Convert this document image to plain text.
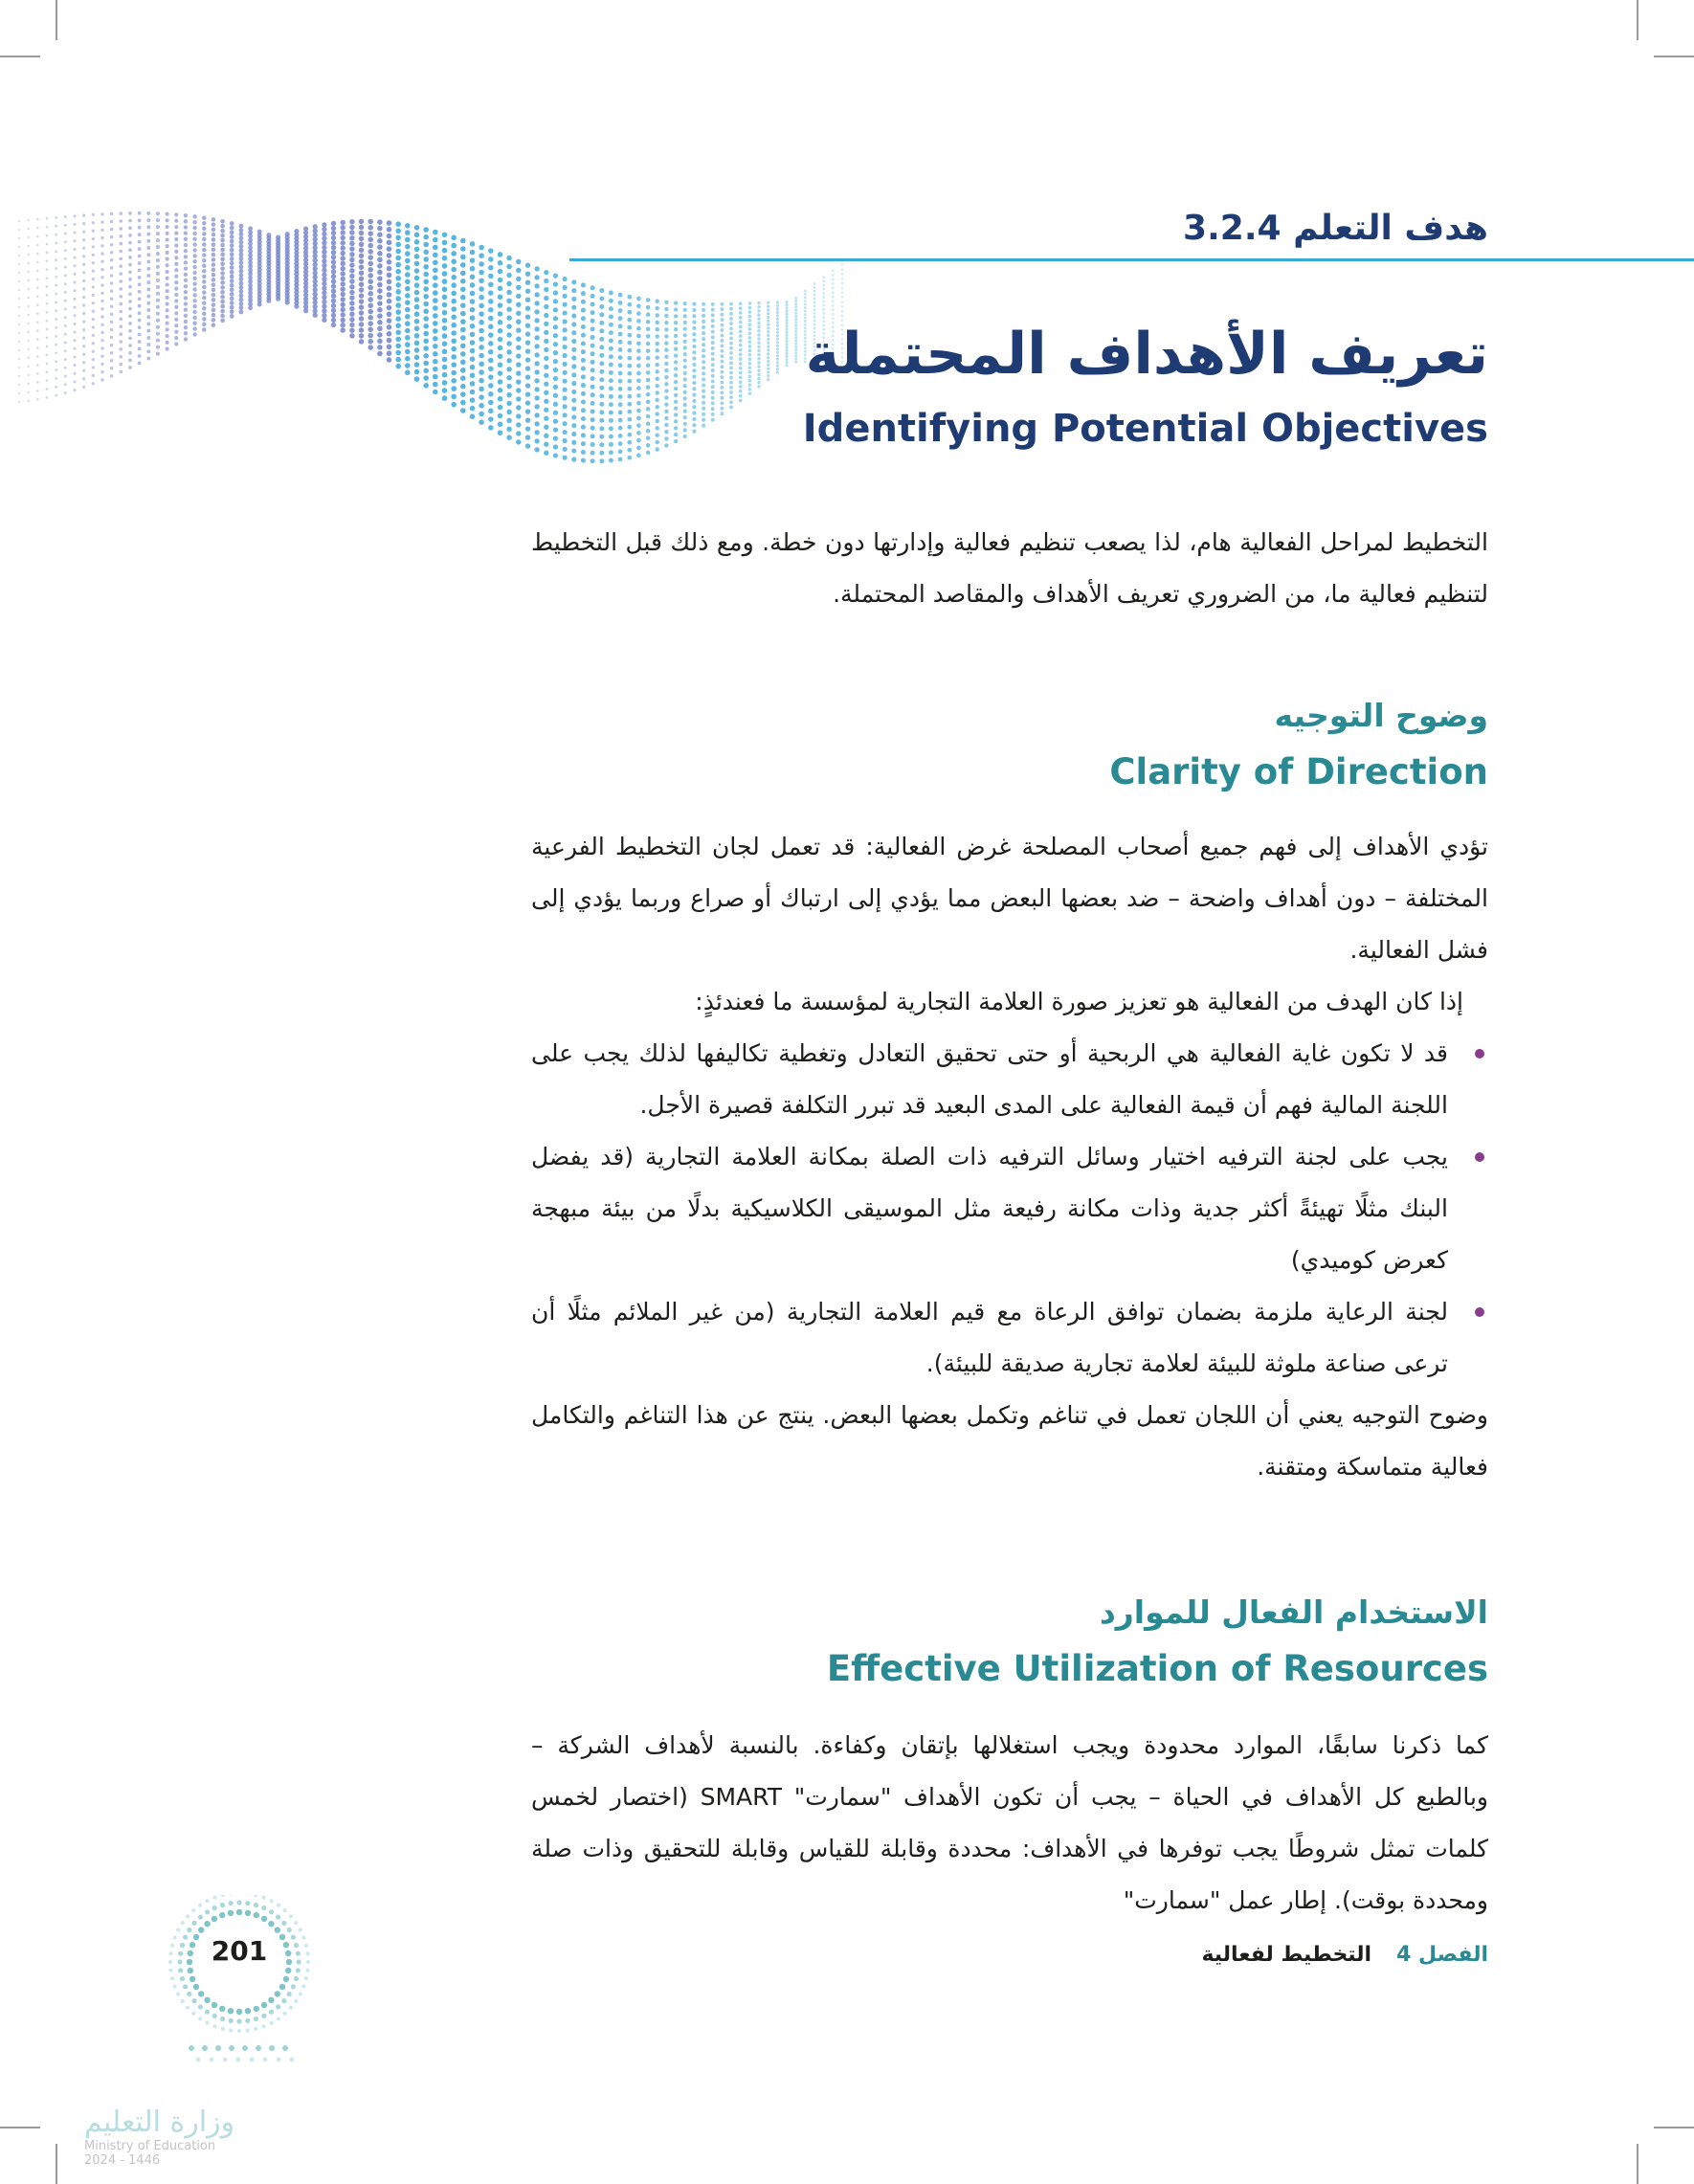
هدف التعلم 3.2.4
تعريف الأهداف المحتملة
Identifying Potential Objectives

التخطيط لمراحل الفعالية هام، لذا يصعب تنظيم فعالية وإدارتها دون خطة. ومع ذلك قبل التخطيط لتنظيم فعالية ما، من الضروري تعريف الأهداف والمقاصد المحتملة.

وضوح التوجيه
Clarity of Direction

تؤدي الأهداف إلى فهم جميع أصحاب المصلحة غرض الفعالية: قد تعمل لجان التخطيط الفرعية المختلفة – دون أهداف واضحة – ضد بعضها البعض مما يؤدي إلى ارتباك أو صراع وربما يؤدي إلى فشل الفعالية.

إذا كان الهدف من الفعالية هو تعزيز صورة العلامة التجارية لمؤسسة ما فعندئذٍ:

قد لا تكون غاية الفعالية هي الربحية أو حتى تحقيق التعادل وتغطية تكاليفها لذلك يجب على اللجنة المالية فهم أن قيمة الفعالية على المدى البعيد قد تبرر التكلفة قصيرة الأجل.
يجب على لجنة الترفيه اختيار وسائل الترفيه ذات الصلة بمكانة العلامة التجارية (قد يفضل البنك مثلًا تهيئةً أكثر جدية وذات مكانة رفيعة مثل الموسيقى الكلاسيكية بدلًا من بيئة مبهجة كعرض كوميدي)
لجنة الرعاية ملزمة بضمان توافق الرعاة مع قيم العلامة التجارية (من غير الملائم مثلًا أن ترعى صناعة ملوثة للبيئة لعلامة تجارية صديقة للبيئة).

وضوح التوجيه يعني أن اللجان تعمل في تناغم وتكمل بعضها البعض. ينتج عن هذا التناغم والتكامل فعالية متماسكة ومتقنة.

الاستخدام الفعال للموارد
Effective Utilization of Resources

كما ذكرنا سابقًا، الموارد محدودة ويجب استغلالها بإتقان وكفاءة. بالنسبة لأهداف الشركة – وبالطبع كل الأهداف في الحياة – يجب أن تكون الأهداف "سمارت" SMART (اختصار لخمس كلمات تمثل شروطًا يجب توفرها في الأهداف: محددة وقابلة للقياس وقابلة للتحقيق وذات صلة ومحددة بوقت). إطار عمل "سمارت"

201	الفصل 4التخطيط لفعالية
وزارة التعليم
Ministry of Education
2024 - 1446
